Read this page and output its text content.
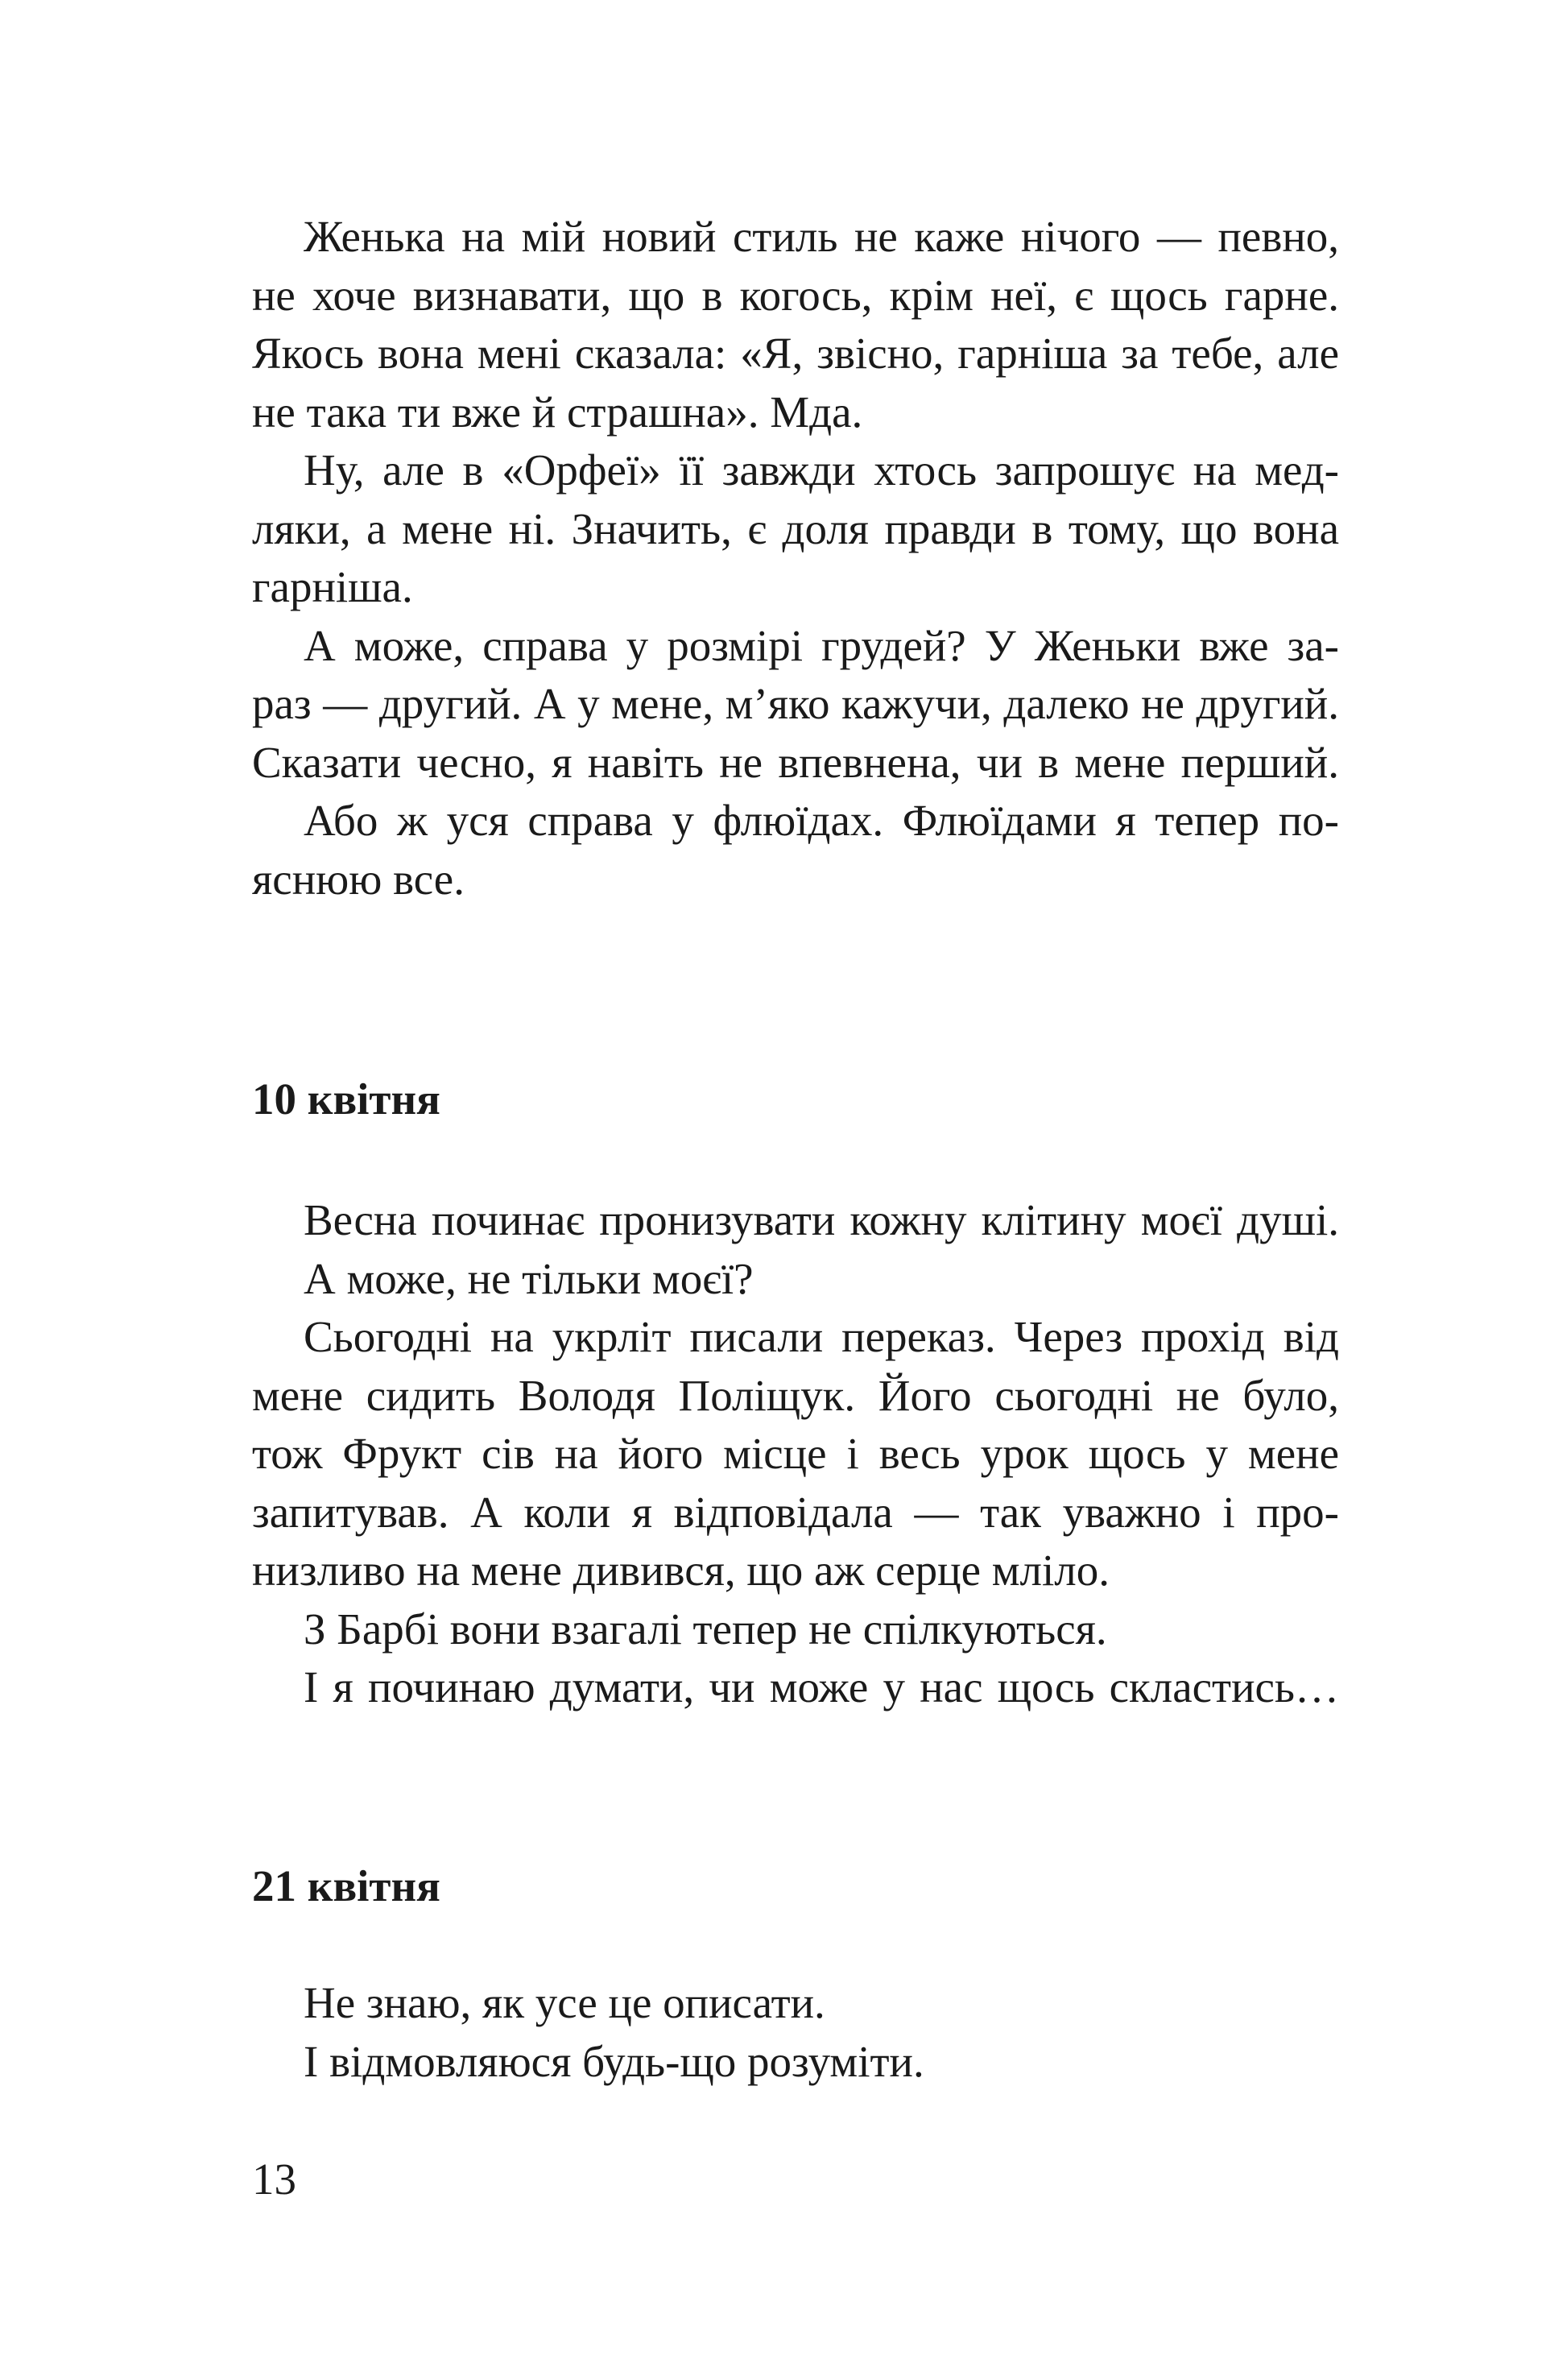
Женька на мій новий стиль не каже нічого — певно,
не хоче визнавати, що в когось, крім неї, є щось гарне.
Якось вона мені сказала: «Я, звісно, гарніша за тебе, але
не така ти вже й страшна». Мда.
Ну, але в «Орфеї» її завжди хтось запрошує на мед-
ляки, а мене ні. Значить, є доля правди в тому, що вона
гарніша.
А може, справа у розмірі грудей? У Женьки вже за-
раз — другий. А у мене, м’яко кажучи, далеко не другий.
Сказати чесно, я навіть не впевнена, чи в мене перший.
Або ж уся справа у флюїдах. Флюїдами я тепер по-
яснюю все.
10 квітня
Весна починає пронизувати кожну клітину моєї душі.
А може, не тільки моєї?
Сьогодні на укрліт писали переказ. Через прохід від
мене сидить Володя Поліщук. Його сьогодні не було,
тож Фрукт сів на його місце і весь урок щось у мене
запитував. А коли я відповідала — так уважно і про-
низливо на мене дивився, що аж серце мліло.
З Барбі вони взагалі тепер не спілкуються.
І я починаю думати, чи може у нас щось скластись…
21 квітня
Не знаю, як усе це описати.
І відмовляюся будь-що розуміти.
13
